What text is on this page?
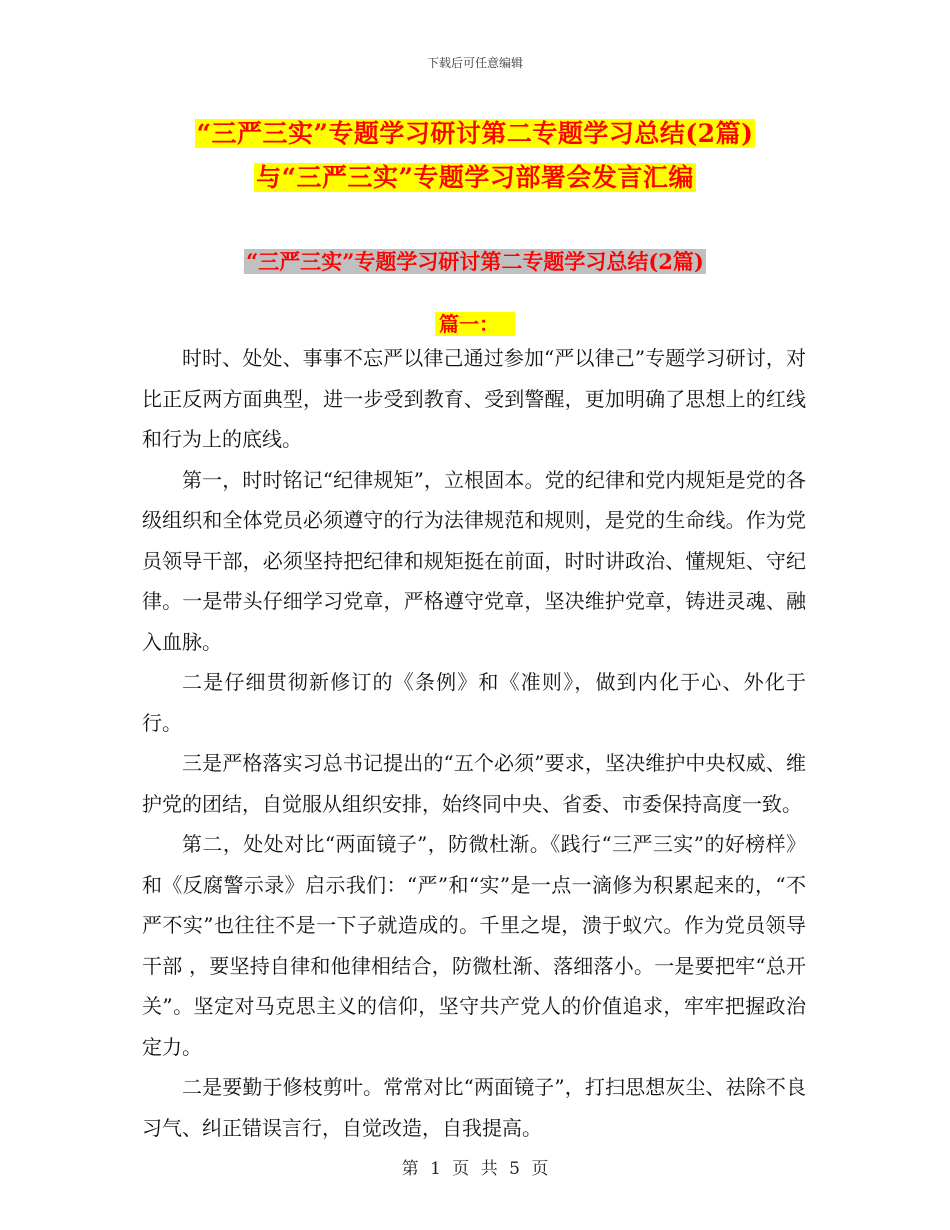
下载后可任意编辑
“三严三实”专题学习研讨第二专题学习总结(2篇)
与“三严三实”专题学习部署会发言汇编
“三严三实”专题学习研讨第二专题学习总结(2篇)
篇一：

时时、处处、事事不忘严以律己通过参加“严以律己”专题学习研讨，对比正反两方面典型，进一步受到教育、受到警醒，更加明确了思想上的红线和行为上的底线。

第一，时时铭记“纪律规矩”，立根固本。党的纪律和党内规矩是党的各级组织和全体党员必须遵守的行为法律规范和规则，是党的生命线。作为党员领导干部，必须坚持把纪律和规矩挺在前面，时时讲政治、懂规矩、守纪律。一是带头仔细学习党章，严格遵守党章，坚决维护党章，铸进灵魂、融入血脉。

二是仔细贯彻新修订的《条例》和《准则》，做到内化于心、外化于行。

三是严格落实习总书记提出的“五个必须”要求，坚决维护中央权威、维护党的团结，自觉服从组织安排，始终同中央、省委、市委保持高度一致。

第二，处处对比“两面镜子”，防微杜渐。《践行“三严三实”的好榜样》和《反腐警示录》启示我们：“严”和“实”是一点一滴修为积累起来的，“不严不实”也往往不是一下子就造成的。千里之堤，溃于蚁穴。作为党员领导干部 ，要坚持自律和他律相结合，防微杜渐、落细落小。一是要把牢“总开关”。坚定对马克思主义的信仰，坚守共产党人的价值追求，牢牢把握政治定力。

二是要勤于修枝剪叶。常常对比“两面镜子”，打扫思想灰尘、祛除不良习气、纠正错误言行，自觉改造，自我提高。

第 1 页 共 5 页
